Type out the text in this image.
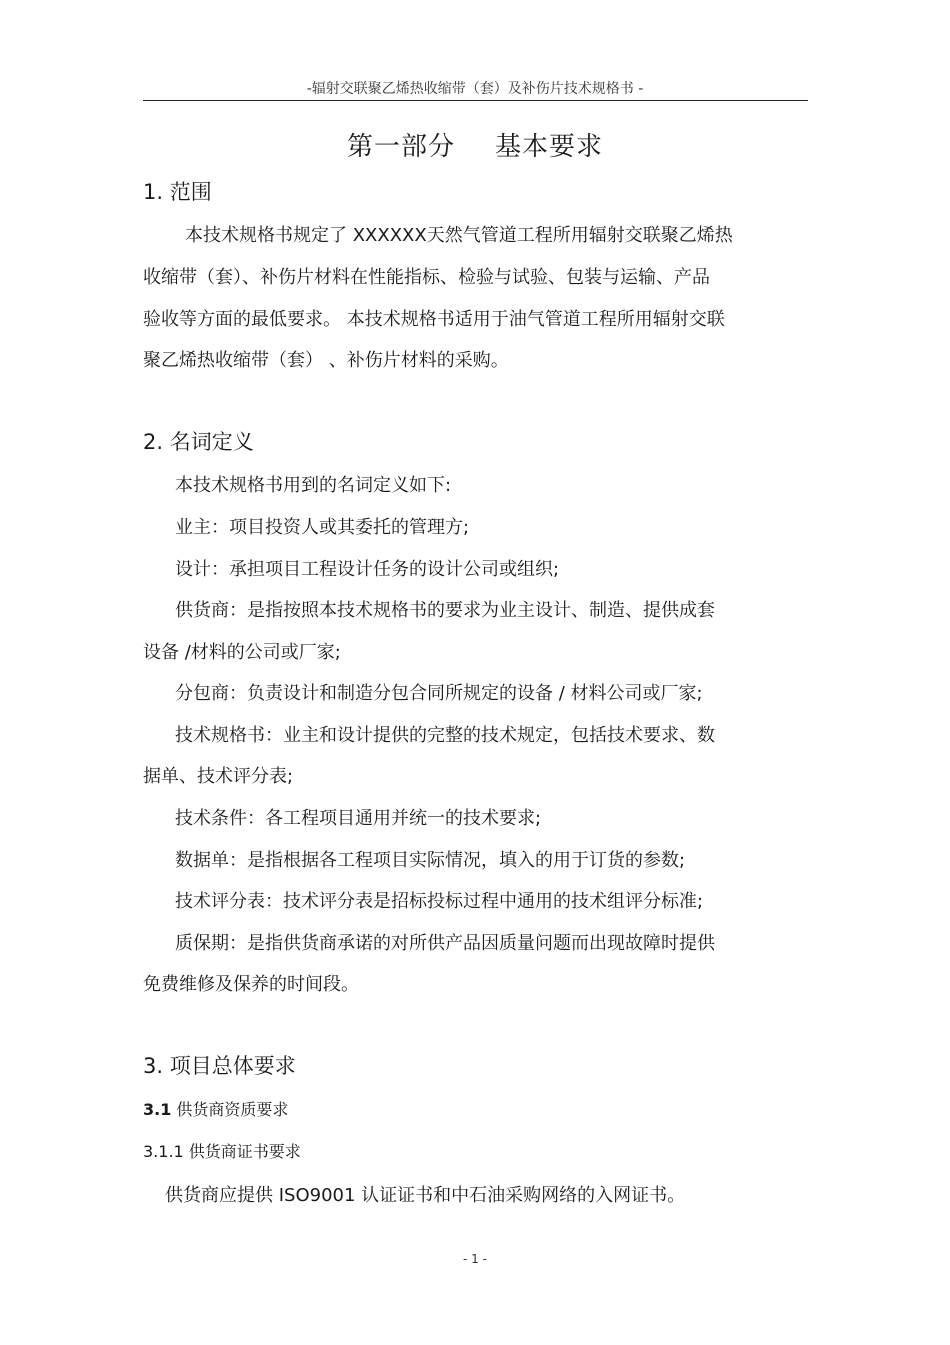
-辐射交联聚乙烯热收缩带（套）及补伤片技术规格书 -
第一部分 基本要求
1. 范围
本技术规格书规定了 XXXXXX天然气管道工程所用辐射交联聚乙烯热
收缩带（套）、补伤片材料在性能指标、检验与试验、包装与运输、产品
验收等方面的最低要求。 本技术规格书适用于油气管道工程所用辐射交联
聚乙烯热收缩带（套） 、补伤片材料的采购。
2. 名词定义
本技术规格书用到的名词定义如下:
业主：项目投资人或其委托的管理方;
设计：承担项目工程设计任务的设计公司或组织;
供货商：是指按照本技术规格书的要求为业主设计、制造、提供成套
设备 /材料的公司或厂家;
分包商：负责设计和制造分包合同所规定的设备 / 材料公司或厂家;
技术规格书：业主和设计提供的完整的技术规定，包括技术要求、数
据单、技术评分表;
技术条件：各工程项目通用并统一的技术要求;
数据单：是指根据各工程项目实际情况，填入的用于订货的参数;
技术评分表：技术评分表是招标投标过程中通用的技术组评分标准;
质保期：是指供货商承诺的对所供产品因质量问题而出现故障时提供
免费维修及保养的时间段。
3. 项目总体要求
3.1 供货商资质要求
3.1.1 供货商证书要求
供货商应提供 ISO9001 认证证书和中石油采购网络的入网证书。
- 1 -
